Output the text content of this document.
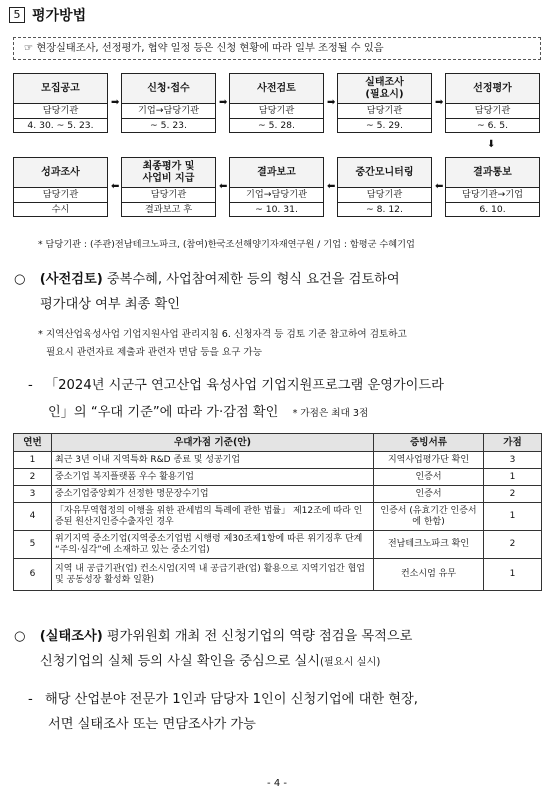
5 평가방법
☞ 현장실태조사, 선정평가, 협약 일정 등은 신청 현황에 따라 일부 조정될 수 있음
모집공고
담당기관
4. 30. ~ 5. 23.
➡
신청·접수
기업→담당기관
~ 5. 23.
➡
사전검토
담당기관
~ 5. 28.
➡
실태조사
(필요시)
담당기관
~ 5. 29.
➡
선정평가
담당기관
~ 6. 5.
⬇
성과조사
담당기관
수시
⬅
최종평가 및
사업비 지급
담당기관
결과보고 후
⬅
결과보고
기업→담당기관
~ 10. 31.
⬅
중간모니터링
담당기관
~ 8. 12.
⬅
결과통보
담당기관→기업
6. 10.
* 담당기관 : (주관)전남테크노파크, (참여)한국조선해양기자재연구원 / 기업 : 함평군 수혜기업
○ (사전검토) 중복수혜, 사업참여제한 등의 형식 요건을 검토하여
평가대상 여부 최종 확인
* 지역산업육성사업 기업지원사업 관리지침 6. 신청자격 등 검토 기준 참고하여 검토하고
필요시 관련자료 제출과 관련자 면담 등을 요구 가능
- 「2024년 시군구 연고산업 육성사업 기업지원프로그램 운영가이드라
인」의 “우대 기준”에 따라 가·감점 확인 * 가점은 최대 3점
연번	우대가점 기준(안)	증빙서류	가점
1	최근 3년 이내 지역특화 R&D 종료 및 성공기업	지역사업평가단 확인	3
2	중소기업 복지플랫폼 우수 활용기업	인증서	1
3	중소기업중앙회가 선정한 명문장수기업	인증서	2
4	「자유무역협정의 이행을 위한 관세법의 특례에 관한 법률」 제12조에 따라 인증된 원산지인증수출자인 경우	인증서 (유효기간 인증서에 한함)	1
5	위기지역 중소기업(지역중소기업법 시행령 제30조제1항에 따른 위기징후 단계 “주의·심각”에 소재하고 있는 중소기업)	전남테크노파크 확인	2
6	지역 내 공급기관(업) 컨소시엄(지역 내 공급기관(업) 활용으로 지역기업간 협업 및 공동성장 활성화 일환)	컨소시엄 유무	1
○ (실태조사) 평가위원회 개최 전 신청기업의 역량 점검을 목적으로
신청기업의 실체 등의 사실 확인을 중심으로 실시(필요시 실시)
- 해당 산업분야 전문가 1인과 담당자 1인이 신청기업에 대한 현장,
서면 실태조사 또는 면담조사가 가능
- 4 -
